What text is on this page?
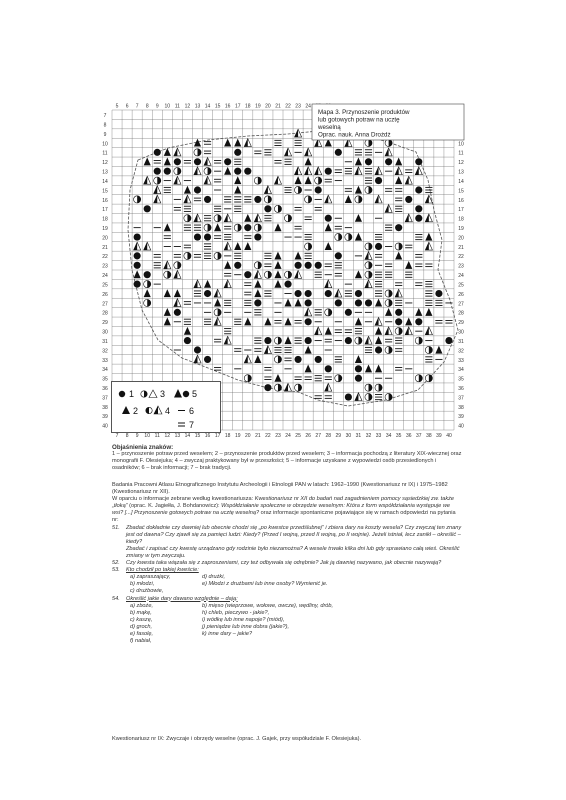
5 6 7 8 9 10 11 12 13 14 15 16 17 18 19 20 21 22 23 24
7 8 9 10 11 12 13 14 15 16 17 18 19 20 21 22 23 24 25 26 27 28 29 30 31 32 33 34 35 36 37 38 39 40
7
8
9
10
11
12
13
14
15
16
17
18
19
20
21
22
23
24
25
26
27
28
29
30
31
32
33
34
35
36
37
38
39
40
10
11
12
13
14
15
16
17
18
19
20
21
22
23
24
25
26
27
28
29
30
31
32
33
34
35
36
37
38
39
40
Mapa 3. Przynoszenie produktów lub gotowych potraw na ucztę weselną Oprac. nauk. Anna Drożdż
1	3	5
2	4 6
7

Objaśnienia znaków:

1 – przynoszenie potraw przed weselem; 2 – przynoszenie produktów przed weselem; 3 – informacja pochodzą z literatury XIX-wiecznej oraz monografii F. Olesiejuka; 4 – zwyczaj praktykowany był w przeszłości; 5 – informacje uzyskane z wypowiedzi osób przesiedlonych i osadników; 6 – brak informacji; 7 – brak tradycji.

Badania Pracowni Atlasu Etnograficznego Instytutu Archeologii i Etnologii PAN w latach: 1962–1990 (Kwestionariusz nr IX) i 1975–1982 (Kwestionariusz nr XII).

W oparciu o informacje zebrane według kwestionariusza: Kwestionariusz nr XII do badań nad zagadnieniem pomocy sąsiedzkiej zw. także „tłoką” (oprac. K. Jagiełła, J. Bohdanowicz): Współdziałanie społeczne w obrzędzie weselnym: Która z form współdziałania występuje we wsi? [...] Przynoszenie gotowych potraw na ucztę weselną? oraz informacje spontaniczne pojawiające się w ramach odpowiedzi na pytania nr:

51.	Zbadać dokładnie czy dawniej lub obecnie chodzi się „po kwestce przedślubnej” i zbiera dary na koszty wesela? Czy zwyczaj ten znany jest od dawna? Czy zjawił się za pamięci ludzi: Kiedy? (Przed I wojną, przed II wojną, po II wojnie). Jeżeli istniał, lecz zanikł – określić – kiedy?
Zbadać i zapisać czy kwestę urządzano gdy rodzinie było niezamożna? A wesele trwało kilka dni lub gdy sprawiano całą wieś. Określić zmiany w tym zwyczaju.
52.	Czy kwesta taka wiązała się z zaproszeniami, czy też odbywała się odrębnie? Jak ją dawniej nazywano, jak obecnie nazywają?
53.	Kto chodził po takiej kweście:
a) zapraszający,	d) drużki,
b) młodzi,	e) Młodzi z drużbami lub inne osoby? Wymienić je.
c) drużbowie,
54.	Określić jakie dary dawano względnie – dają:
a) zboże,	b) mięso (wieprzowe, wołowe, owcze), wędliny, drób,
b) mąkę,	h) chleb, pieczywo - jakie?,
c) kaszę,	i) wódkę lub inne napoje? (miód),
d) groch,	j) pieniądze lub inne dobra (jakie?),
e) fasolę,	k) inne dary – jakie?
f) nabiał,

Kwestionariusz nr IX: Zwyczaje i obrzędy weselne (oprac. J. Gajek, przy współudziale F. Olesiejuka).
